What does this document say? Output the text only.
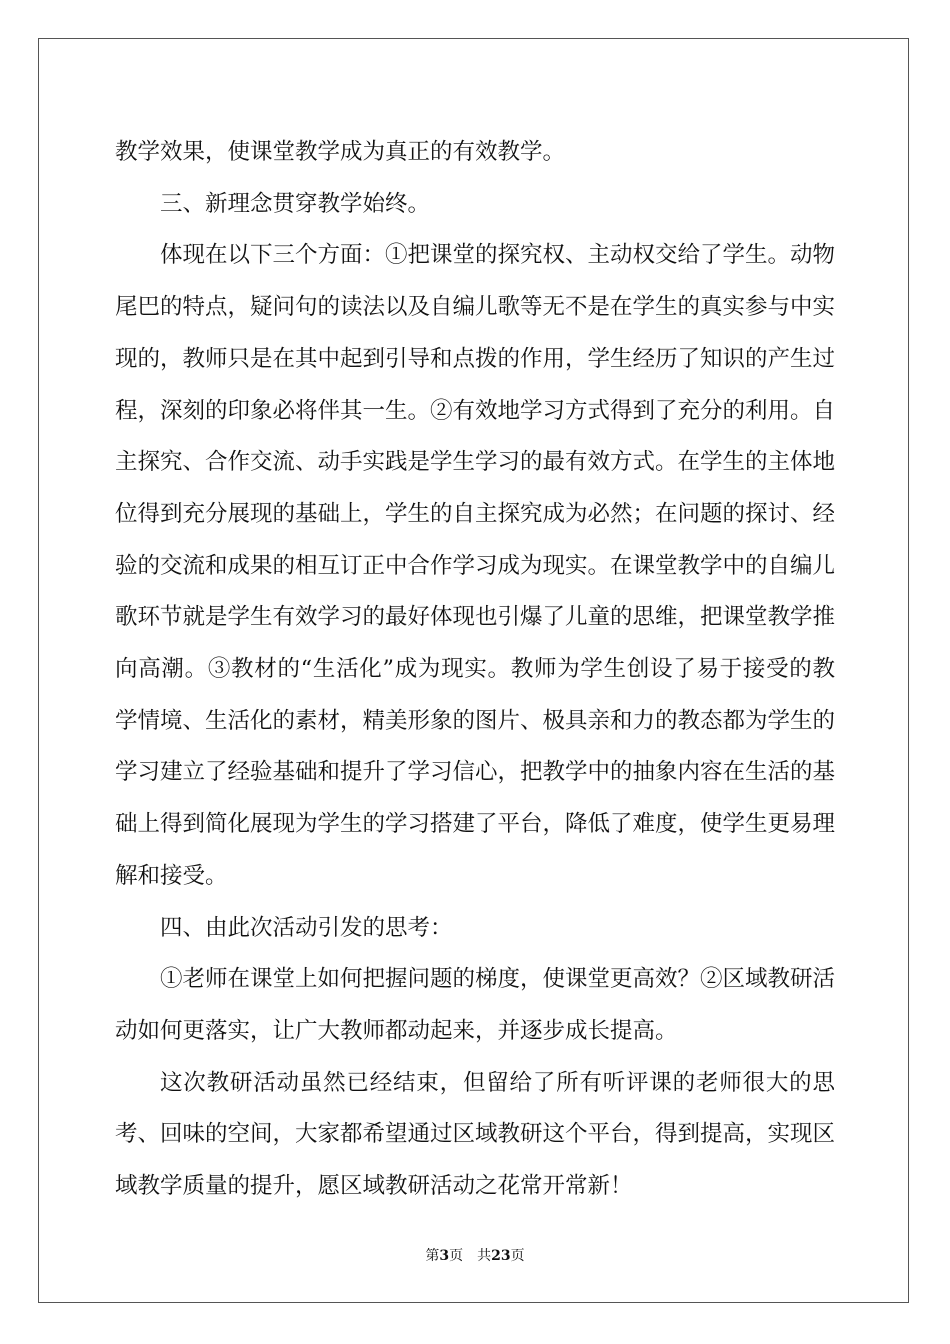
教学效果，使课堂教学成为真正的有效教学。

三、新理念贯穿教学始终。

体现在以下三个方面：①把课堂的探究权、主动权交给了学生。动物尾巴的特点，疑问句的读法以及自编儿歌等无不是在学生的真实参与中实现的，教师只是在其中起到引导和点拨的作用，学生经历了知识的产生过程，深刻的印象必将伴其一生。②有效地学习方式得到了充分的利用。自主探究、合作交流、动手实践是学生学习的最有效方式。在学生的主体地位得到充分展现的基础上，学生的自主探究成为必然；在问题的探讨、经验的交流和成果的相互订正中合作学习成为现实。在课堂教学中的自编儿歌环节就是学生有效学习的最好体现也引爆了儿童的思维，把课堂教学推向高潮。③教材的“生活化”成为现实。教师为学生创设了易于接受的教学情境、生活化的素材，精美形象的图片、极具亲和力的教态都为学生的学习建立了经验基础和提升了学习信心，把教学中的抽象内容在生活的基础上得到简化展现为学生的学习搭建了平台，降低了难度，使学生更易理解和接受。

四、由此次活动引发的思考：

①老师在课堂上如何把握问题的梯度，使课堂更高效？②区域教研活动如何更落实，让广大教师都动起来，并逐步成长提高。

这次教研活动虽然已经结束，但留给了所有听评课的老师很大的思考、回味的空间，大家都希望通过区域教研这个平台，得到提高，实现区域教学质量的提升，愿区域教研活动之花常开常新！

第3页 共23页
